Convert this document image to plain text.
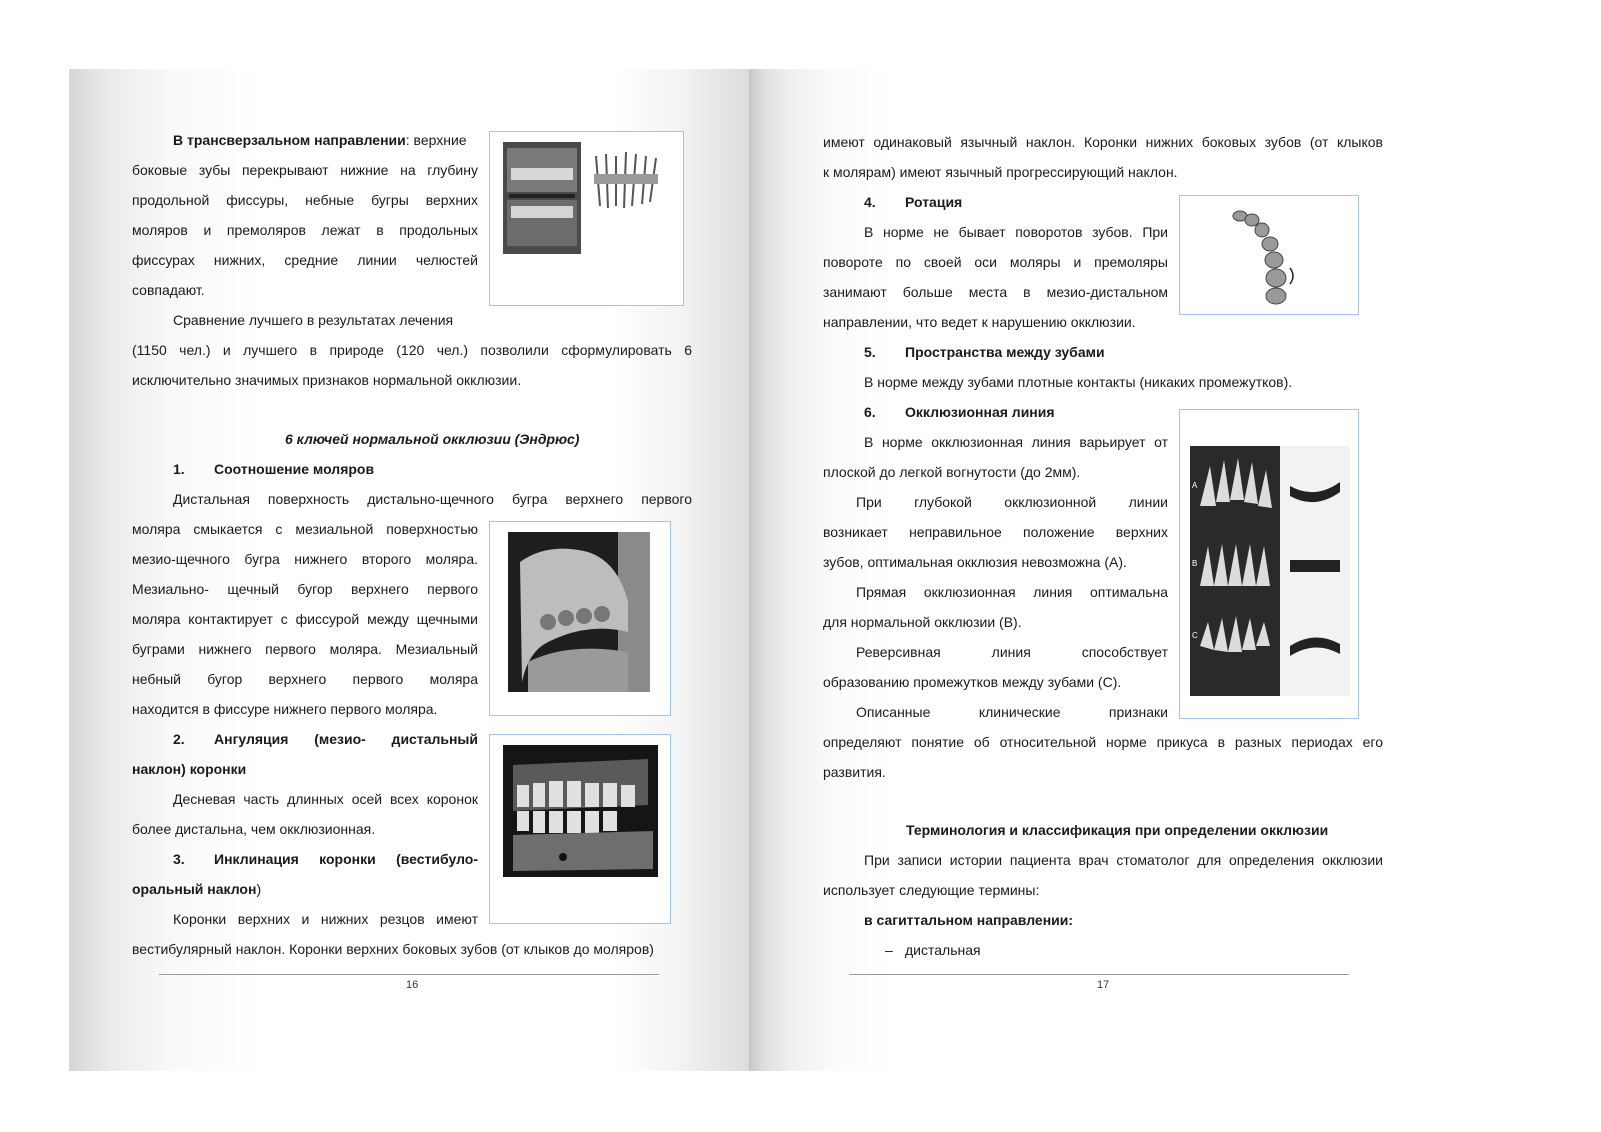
В трансверзальном направлении: верхние
боковые зубы перекрывают нижние на глубину
продольной фиссуры, небные бугры верхних
моляров и премоляров лежат в продольных
фиссурах нижних, средние линии челюстей
совпадают.
Сравнение лучшего в результатах лечения
(1150 чел.) и лучшего в природе (120 чел.) позволили сформулировать 6
исключительно значимых признаков нормальной окклюзии.
6 ключей нормальной окклюзии (Эндрюс)
1. Соотношение моляров
Дистальная поверхность дистально-щечного бугра верхнего первого
моляра смыкается с мезиальной поверхностью
мезио-щечного бугра нижнего второго моляра.
Мезиально- щечный бугор верхнего первого
моляра контактирует с фиссурой между щечными
буграми нижнего первого моляра. Мезиальный
небный бугор верхнего первого моляра
находится в фиссуре нижнего первого моляра.
2. Ангуляция (мезио- дистальный
наклон) коронки
Десневая часть длинных осей всех коронок
более дистальна, чем окклюзионная.
3. Инклинация коронки (вестибуло-
оральный наклон)
Коронки верхних и нижних резцов имеют
вестибулярный наклон. Коронки верхних боковых зубов (от клыков до моляров)
16
имеют одинаковый язычный наклон. Коронки нижних боковых зубов (от клыков
к молярам) имеют язычный прогрессирующий наклон.
4. Ротация
В норме не бывает поворотов зубов. При
повороте по своей оси моляры и премоляры
занимают больше места в мезио-дистальном
направлении, что ведет к нарушению окклюзии.
5. Пространства между зубами
В норме между зубами плотные контакты (никаких промежутков).
6. Окклюзионная линия
В норме окклюзионная линия варьирует от
плоской до легкой вогнутости (до 2мм).
При глубокой окклюзионной линии
возникает неправильное положение верхних
зубов, оптимальная окклюзия невозможна (А).
Прямая окклюзионная линия оптимальна
для нормальной окклюзии (В).
Реверсивная линия способствует
образованию промежутков между зубами (С).
Описанные клинические признаки
определяют понятие об относительной норме прикуса в разных периодах его
развития.
A
B
C
Терминология и классификация при определении окклюзии
При записи истории пациента врач стоматолог для определения окклюзии
использует следующие термины:
в сагиттальном направлении:
– дистальная
17
